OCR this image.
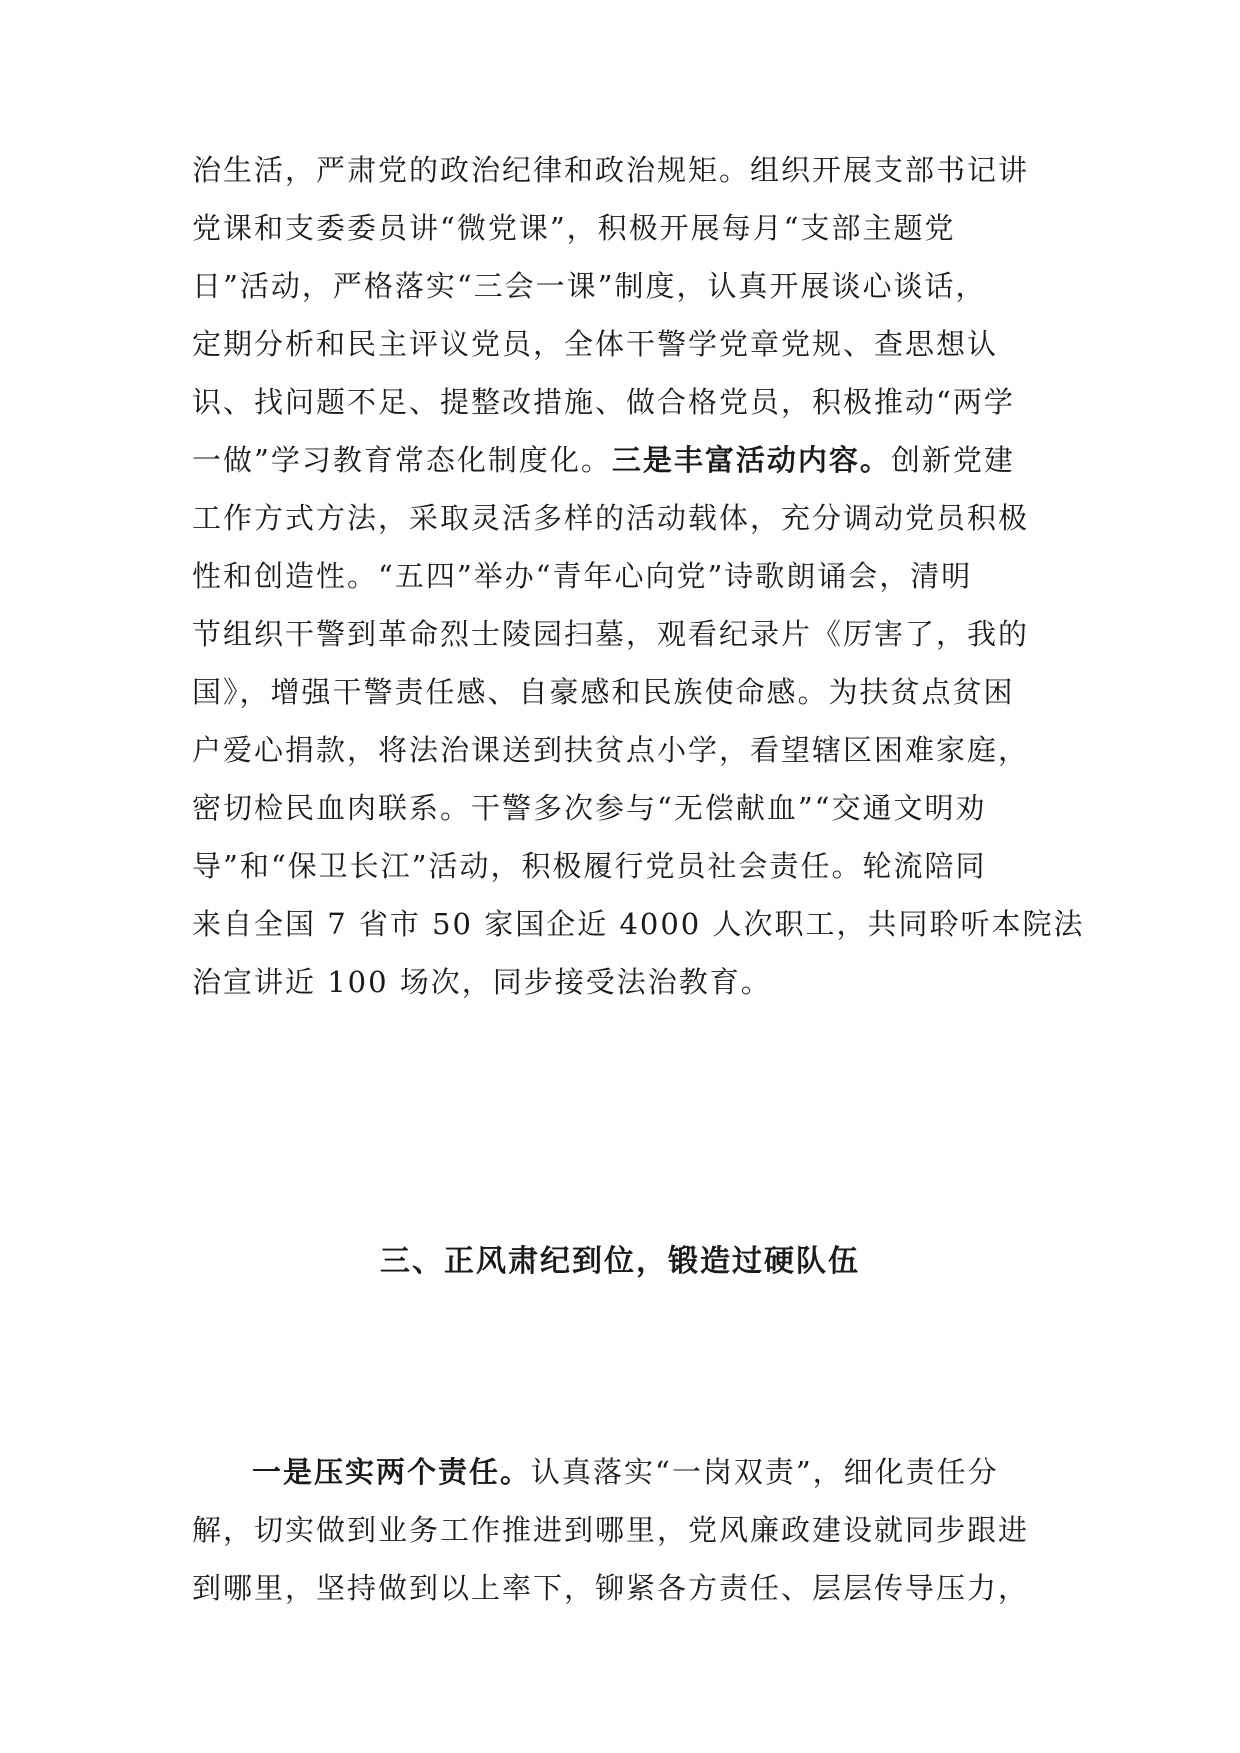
治生活，严肃党的政治纪律和政治规矩。组织开展支部书记讲
党课和支委委员讲“微党课”，积极开展每月“支部主题党
日”活动，严格落实“三会一课”制度，认真开展谈心谈话，
定期分析和民主评议党员，全体干警学党章党规、查思想认
识、找问题不足、提整改措施、做合格党员，积极推动“两学
一做”学习教育常态化制度化。三是丰富活动内容。创新党建
工作方式方法，采取灵活多样的活动载体，充分调动党员积极
性和创造性。“五四”举办“青年心向党”诗歌朗诵会，清明
节组织干警到革命烈士陵园扫墓，观看纪录片《厉害了，我的
国》，增强干警责任感、自豪感和民族使命感。为扶贫点贫困
户爱心捐款，将法治课送到扶贫点小学，看望辖区困难家庭，
密切检民血肉联系。干警多次参与“无偿献血”“交通文明劝
导”和“保卫长江”活动，积极履行党员社会责任。轮流陪同
来自全国 7 省市 50 家国企近 4000 人次职工，共同聆听本院法
治宣讲近 100 场次，同步接受法治教育。
三、正风肃纪到位，锻造过硬队伍
一是压实两个责任。认真落实“一岗双责”，细化责任分
解，切实做到业务工作推进到哪里，党风廉政建设就同步跟进
到哪里，坚持做到以上率下，铆紧各方责任、层层传导压力，
